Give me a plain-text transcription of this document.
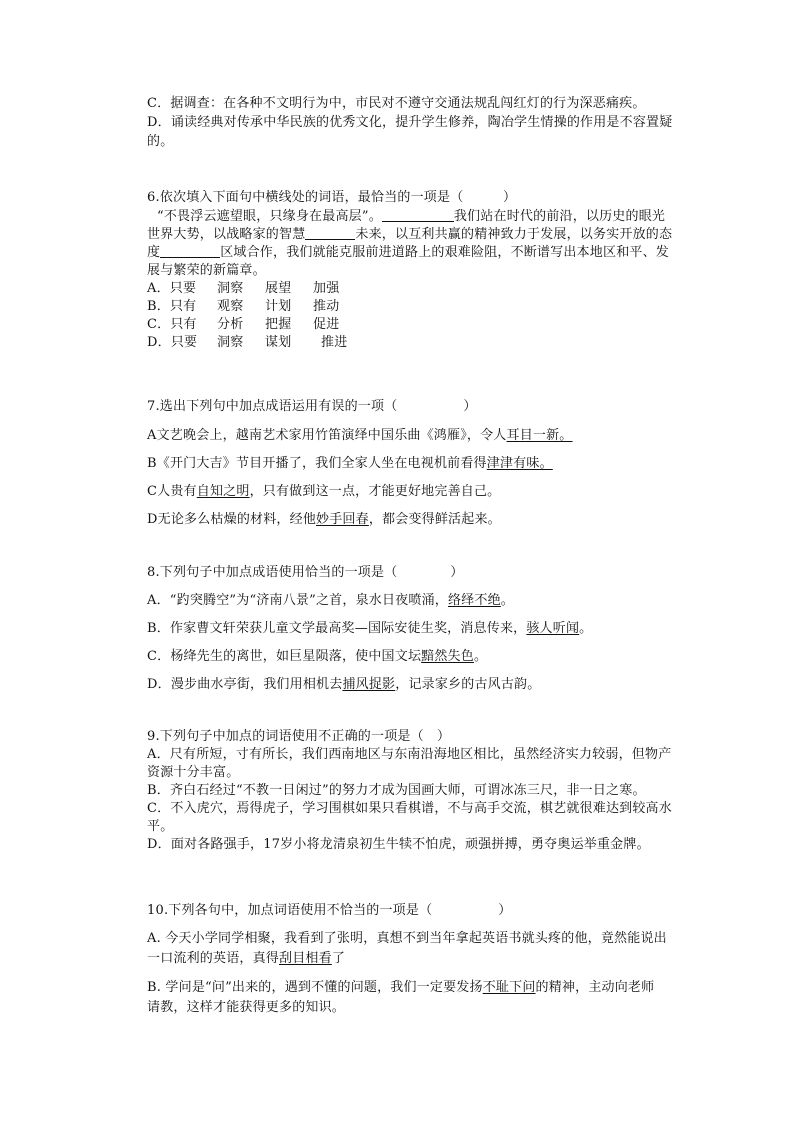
C．据调查：在各种不文明行为中，市民对不遵守交通法规乱闯红灯的行为深恶痛疾。
D．诵读经典对传承中华民族的优秀文化，提升学生修养，陶冶学生情操的作用是不容置疑
的。
6.依次填入下面句中横线处的词语，最恰当的一项是（　　　）
“不畏浮云遮望眼，只缘身在最高层”。	我们站在时代的前沿，以历史的眼光
世界大势，以战略家的智慧	未来，以互利共赢的精神致力于发展，以务实开放的态
度	区域合作，我们就能克服前进道路上的艰难险阻，不断谱写出本地区和平、发
展与繁荣的新篇章。
A．只要 洞察 展望 加强
B．只有 观察 计划 推动
C．只有 分析 把握 促进
D．只要 洞察 谋划 推进
7.选出下列句中加点成语运用有误的一项（　　　　　）
A文艺晚会上，越南艺术家用竹笛演绎中国乐曲《鸿雁》，令人耳目一新。
B《开门大吉》节目开播了，我们全家人坐在电视机前看得津津有味。
C人贵有自知之明，只有做到这一点，才能更好地完善自己。
D无论多么枯燥的材料，经他妙手回春，都会变得鲜活起来。
8.下列句子中加点成语使用恰当的一项是（　　　　）
A．“趵突腾空”为“济南八景”之首，泉水日夜喷涌，络绎不绝。
B．作家曹文轩荣获儿童文学最高奖—国际安徒生奖，消息传来，骇人听闻。
C．杨绛先生的离世，如巨星陨落，使中国文坛黯然失色。
D．漫步曲水亭街，我们用相机去捕风捉影，记录家乡的古风古韵。
9.下列句子中加点的词语使用不正确的一项是（　）
A．尺有所短，寸有所长，我们西南地区与东南沿海地区相比，虽然经济实力较弱，但物产
资源十分丰富。
B．齐白石经过“不教一日闲过”的努力才成为国画大师，可谓冰冻三尺，非一日之寒。
C．不入虎穴，焉得虎子，学习围棋如果只看棋谱，不与高手交流，棋艺就很难达到较高水
平。
D．面对各路强手，17岁小将龙清泉初生牛犊不怕虎，顽强拼搏，勇夺奥运举重金牌。
10.下列各句中，加点词语使用不恰当的一项是（　　　　　）
A. 今天小学同学相聚，我看到了张明，真想不到当年拿起英语书就头疼的他，竟然能说出
一口流利的英语，真得刮目相看了
B. 学问是“问”出来的，遇到不懂的问题，我们一定要发扬不耻下问的精神，主动向老师
请教，这样才能获得更多的知识。
